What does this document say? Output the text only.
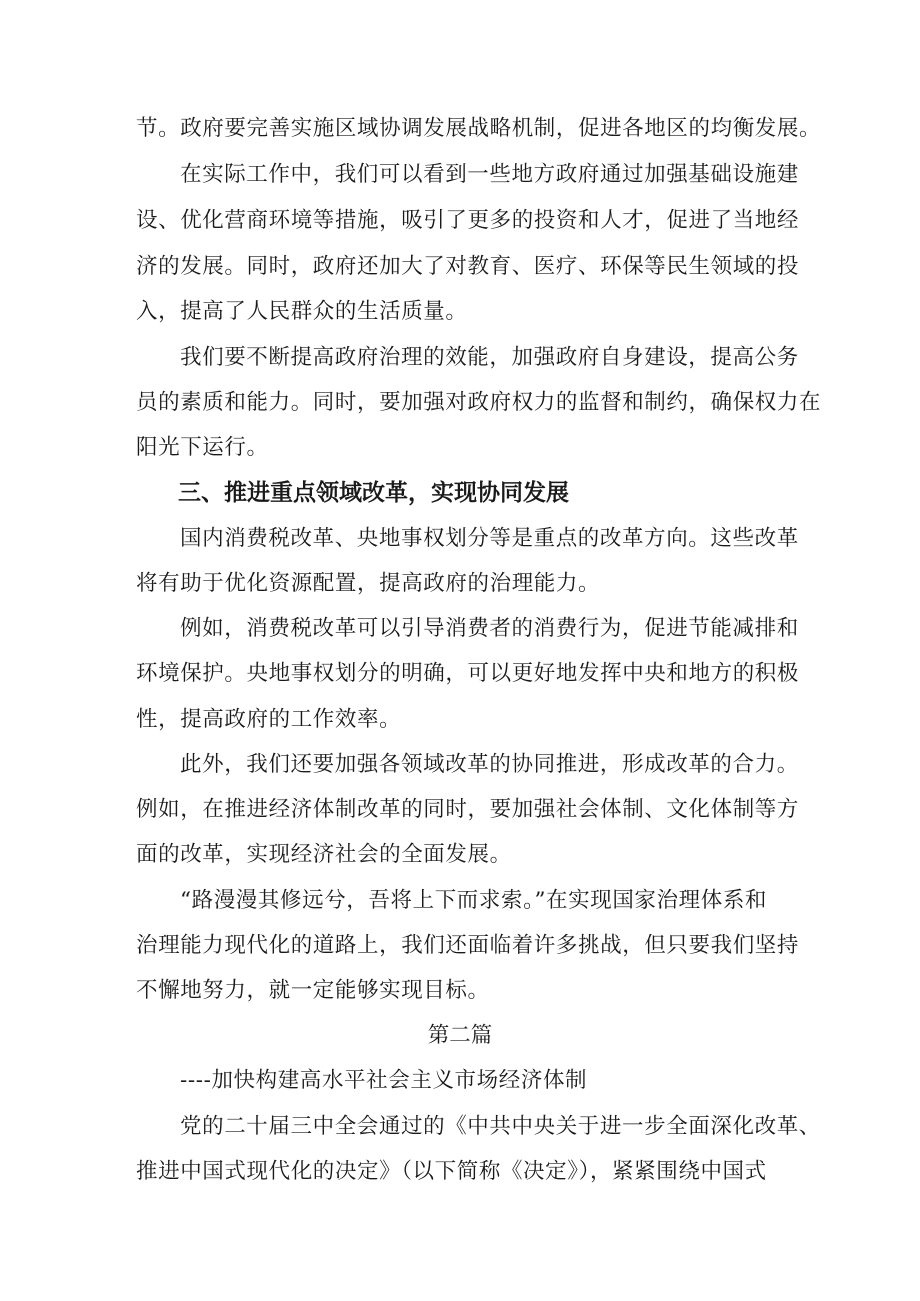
节。政府要完善实施区域协调发展战略机制，促进各地区的均衡发展。
在实际工作中，我们可以看到一些地方政府通过加强基础设施建
设、优化营商环境等措施，吸引了更多的投资和人才，促进了当地经
济的发展。同时，政府还加大了对教育、医疗、环保等民生领域的投
入，提高了人民群众的生活质量。
我们要不断提高政府治理的效能，加强政府自身建设，提高公务
员的素质和能力。同时，要加强对政府权力的监督和制约，确保权力在
阳光下运行。
三、推进重点领域改革，实现协同发展
国内消费税改革、央地事权划分等是重点的改革方向。这些改革
将有助于优化资源配置，提高政府的治理能力。
例如，消费税改革可以引导消费者的消费行为，促进节能减排和
环境保护。央地事权划分的明确，可以更好地发挥中央和地方的积极
性，提高政府的工作效率。
此外，我们还要加强各领域改革的协同推进，形成改革的合力。
例如，在推进经济体制改革的同时，要加强社会体制、文化体制等方
面的改革，实现经济社会的全面发展。
“路漫漫其修远兮，吾将上下而求索。”在实现国家治理体系和
治理能力现代化的道路上，我们还面临着许多挑战，但只要我们坚持
不懈地努力，就一定能够实现目标。
第二篇
----加快构建高水平社会主义市场经济体制
党的二十届三中全会通过的《中共中央关于进一步全面深化改革、
推进中国式现代化的决定》（以下简称《决定》），紧紧围绕中国式
